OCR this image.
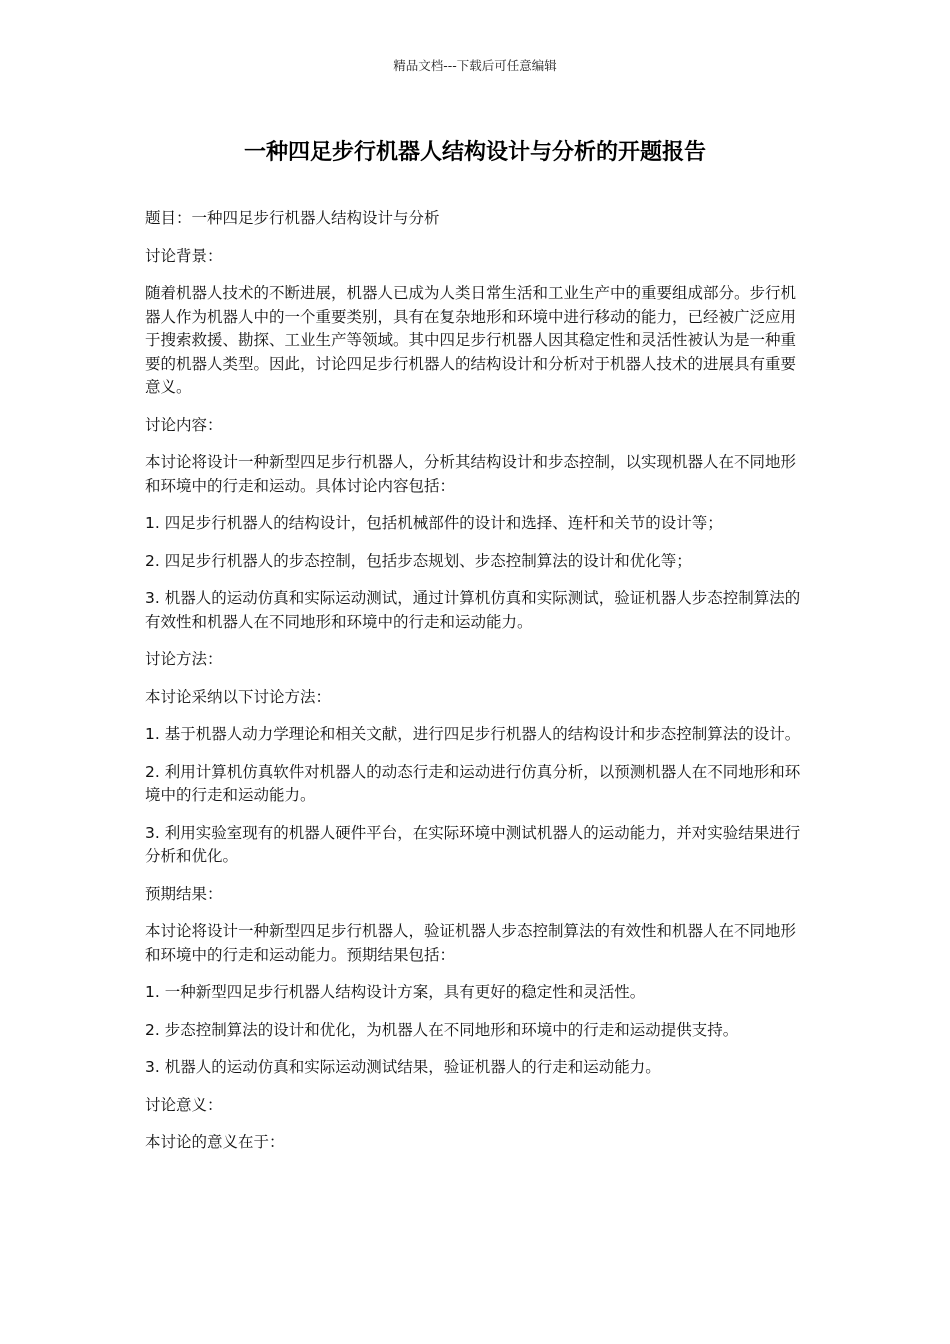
精品文档---下载后可任意编辑
一种四足步行机器人结构设计与分析的开题报告

题目：一种四足步行机器人结构设计与分析

讨论背景：

随着机器人技术的不断进展，机器人已成为人类日常生活和工业生产中的重要组成部分。步行机器人作为机器人中的一个重要类别，具有在复杂地形和环境中进行移动的能力，已经被广泛应用于搜索救援、勘探、工业生产等领域。其中四足步行机器人因其稳定性和灵活性被认为是一种重要的机器人类型。因此，讨论四足步行机器人的结构设计和分析对于机器人技术的进展具有重要意义。

讨论内容：

本讨论将设计一种新型四足步行机器人，分析其结构设计和步态控制，以实现机器人在不同地形和环境中的行走和运动。具体讨论内容包括：

1. 四足步行机器人的结构设计，包括机械部件的设计和选择、连杆和关节的设计等；

2. 四足步行机器人的步态控制，包括步态规划、步态控制算法的设计和优化等；

3. 机器人的运动仿真和实际运动测试，通过计算机仿真和实际测试，验证机器人步态控制算法的有效性和机器人在不同地形和环境中的行走和运动能力。

讨论方法：

本讨论采纳以下讨论方法：

1. 基于机器人动力学理论和相关文献，进行四足步行机器人的结构设计和步态控制算法的设计。

2. 利用计算机仿真软件对机器人的动态行走和运动进行仿真分析，以预测机器人在不同地形和环境中的行走和运动能力。

3. 利用实验室现有的机器人硬件平台，在实际环境中测试机器人的运动能力，并对实验结果进行分析和优化。

预期结果：

本讨论将设计一种新型四足步行机器人，验证机器人步态控制算法的有效性和机器人在不同地形和环境中的行走和运动能力。预期结果包括：

1. 一种新型四足步行机器人结构设计方案，具有更好的稳定性和灵活性。

2. 步态控制算法的设计和优化，为机器人在不同地形和环境中的行走和运动提供支持。

3. 机器人的运动仿真和实际运动测试结果，验证机器人的行走和运动能力。

讨论意义：

本讨论的意义在于：
